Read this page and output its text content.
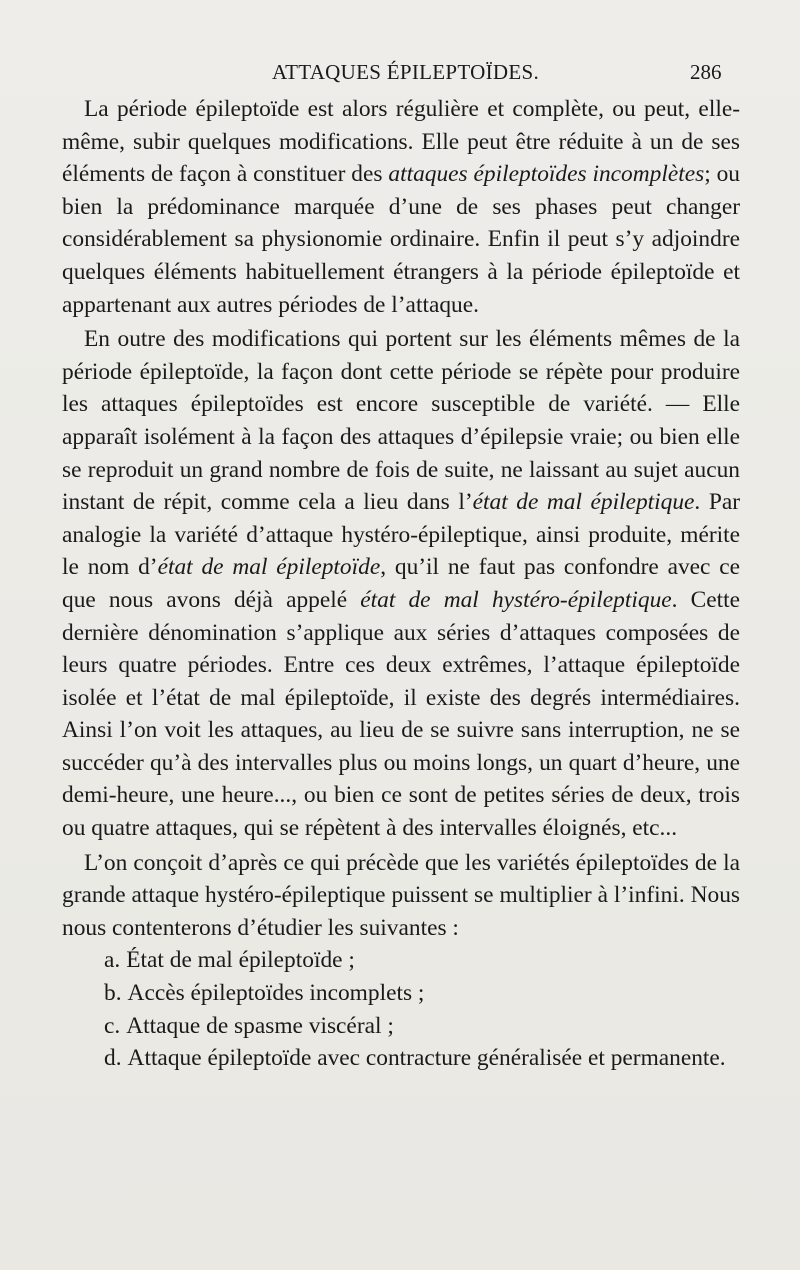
ATTAQUES ÉPILEPTOÏDES.	286

La période épileptoïde est alors régulière et complète, ou peut, elle-même, subir quelques modifications. Elle peut être réduite à un de ses éléments de façon à constituer des attaques épileptoïdes incomplètes; ou bien la prédominance marquée d’une de ses phases peut changer considérablement sa physionomie ordinaire. Enfin il peut s’y adjoindre quelques éléments habituellement étrangers à la période épileptoïde et appartenant aux autres périodes de l’attaque.

En outre des modifications qui portent sur les éléments mêmes de la période épileptoïde, la façon dont cette période se répète pour produire les attaques épileptoïdes est encore susceptible de variété. — Elle apparaît isolément à la façon des attaques d’épilepsie vraie; ou bien elle se reproduit un grand nombre de fois de suite, ne laissant au sujet aucun instant de répit, comme cela a lieu dans l’état de mal épileptique. Par analogie la variété d’attaque hystéro-épileptique, ainsi produite, mérite le nom d’état de mal épileptoïde, qu’il ne faut pas confondre avec ce que nous avons déjà appelé état de mal hystéro-épileptique. Cette dernière dénomination s’applique aux séries d’attaques composées de leurs quatre périodes. Entre ces deux extrêmes, l’attaque épileptoïde isolée et l’état de mal épileptoïde, il existe des degrés intermédiaires. Ainsi l’on voit les attaques, au lieu de se suivre sans interruption, ne se succéder qu’à des intervalles plus ou moins longs, un quart d’heure, une demi-heure, une heure..., ou bien ce sont de petites séries de deux, trois ou quatre attaques, qui se répètent à des intervalles éloignés, etc...

L’on conçoit d’après ce qui précède que les variétés épileptoïdes de la grande attaque hystéro-épileptique puissent se multiplier à l’infini. Nous nous contenterons d’étudier les suivantes :

a. État de mal épileptoïde ;
b. Accès épileptoïdes incomplets ;
c. Attaque de spasme viscéral ;
d. Attaque épileptoïde avec contracture généralisée et permanente.
